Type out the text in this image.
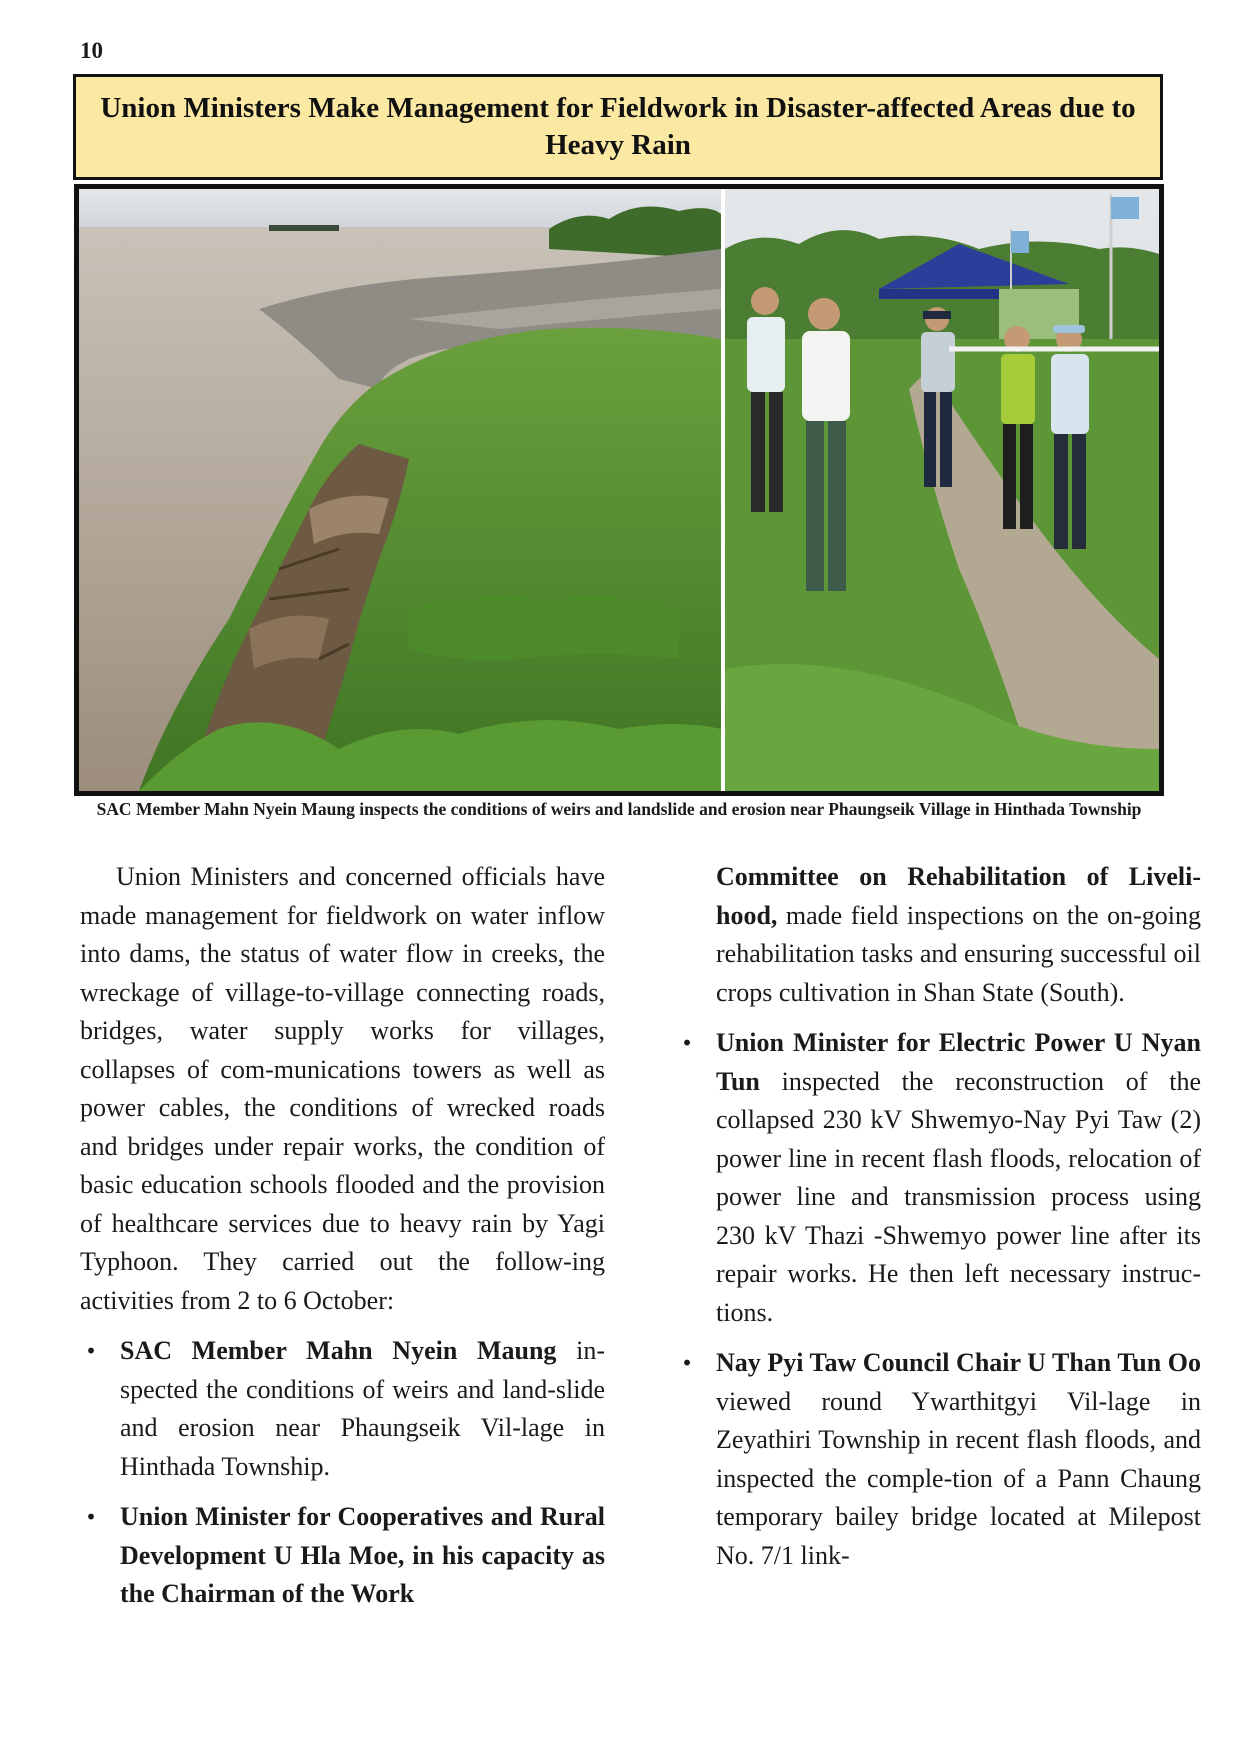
10
Union Ministers Make Management for Fieldwork in Disaster-affected Areas due to Heavy Rain
SAC Member Mahn Nyein Maung inspects the conditions of weirs and landslide and erosion near Phaungseik Village in Hinthada Township

Union Ministers and concerned officials have made management for fieldwork on water inflow into dams, the status of water flow in creeks, the wreckage of village-to-village connecting roads, bridges, water supply works for villages, collapses of com-munications towers as well as power cables, the conditions of wrecked roads and bridges under repair works, the condition of basic education schools flooded and the provision of healthcare services due to heavy rain by Yagi Typhoon. They carried out the follow-ing activities from 2 to 6 October:

• SAC Member Mahn Nyein Maung in-spected the conditions of weirs and land-slide and erosion near Phaungseik Vil-lage in Hinthada Township.

• Union Minister for Cooperatives and Rural Development U Hla Moe, in his capacity as the Chairman of the Work

Committee on Rehabilitation of Liveli-hood, made field inspections on the on-going rehabilitation tasks and ensuring successful oil crops cultivation in Shan State (South).

• Union Minister for Electric Power U Nyan Tun inspected the reconstruction of the collapsed 230 kV Shwemyo-Nay Pyi Taw (2) power line in recent flash floods, relocation of power line and transmission process using 230 kV Thazi -Shwemyo power line after its repair works. He then left necessary instruc-tions.

• Nay Pyi Taw Council Chair U Than Tun Oo viewed round Ywarthitgyi Vil-lage in Zeyathiri Township in recent flash floods, and inspected the comple-tion of a Pann Chaung temporary bailey bridge located at Milepost No. 7/1 link-
